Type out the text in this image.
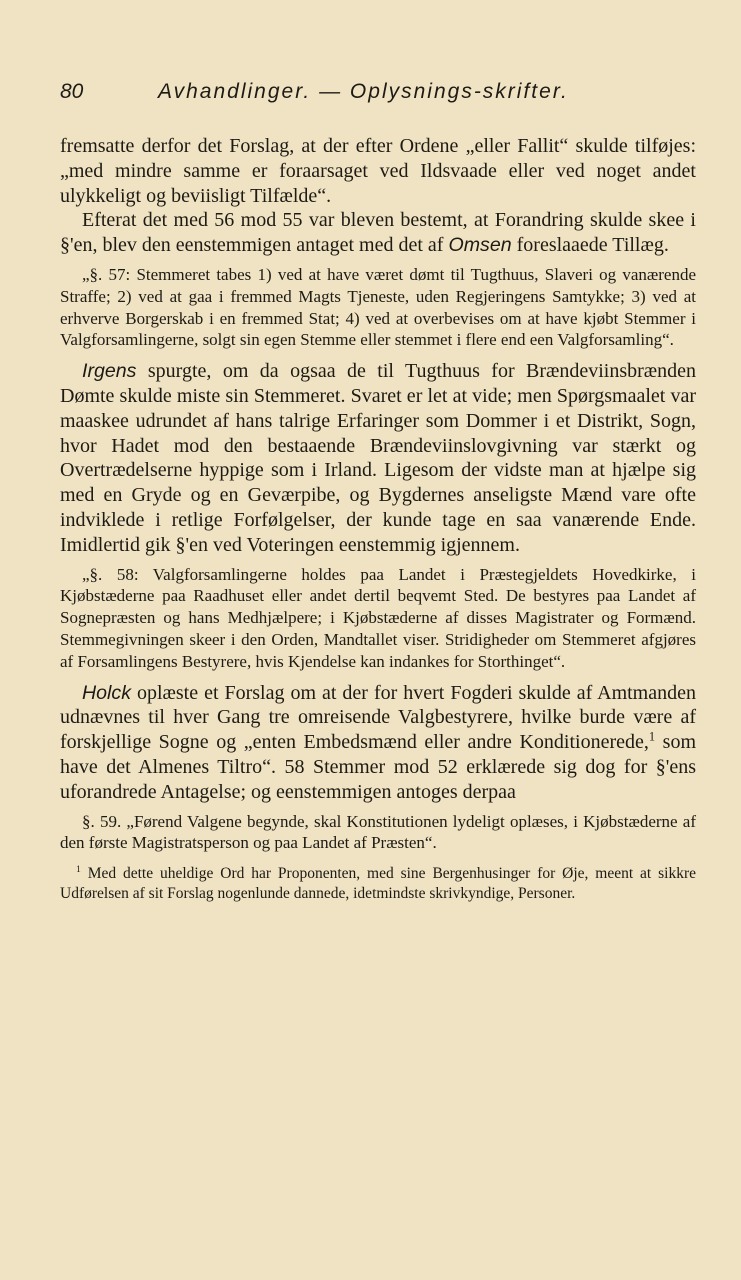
80	Avhandlinger. — Oplysnings-skrifter.

fremsatte derfor det Forslag, at der efter Ordene „eller Fallit“ skulde tilføjes: „med mindre samme er foraarsaget ved Ildsvaade eller ved noget andet ulykkeligt og beviisligt Tilfælde“.

Efterat det med 56 mod 55 var bleven bestemt, at Forandring skulde skee i §'en, blev den eenstemmigen antaget med det af Omsen foreslaaede Tillæg.

„§. 57: Stemmeret tabes 1) ved at have været dømt til Tugthuus, Slaveri og vanærende Straffe; 2) ved at gaa i fremmed Magts Tjeneste, uden Regjeringens Samtykke; 3) ved at erhverve Borgerskab i en fremmed Stat; 4) ved at overbevises om at have kjøbt Stemmer i Valgforsamlingerne, solgt sin egen Stemme eller stemmet i flere end een Valgforsamling“.

Irgens spurgte, om da ogsaa de til Tugthuus for Brændeviinsbrænden Dømte skulde miste sin Stemmeret. Svaret er let at vide; men Spørgsmaalet var maaskee udrundet af hans talrige Erfaringer som Dommer i et Distrikt, Sogn, hvor Hadet mod den bestaaende Brændeviinslovgivning var stærkt og Overtrædelserne hyppige som i Irland. Ligesom der vidste man at hjælpe sig med en Gryde og en Geværpibe, og Bygdernes anseligste Mænd vare ofte indviklede i retlige Forfølgelser, der kunde tage en saa vanærende Ende. Imidlertid gik §'en ved Voteringen eenstemmig igjennem.

„§. 58: Valgforsamlingerne holdes paa Landet i Præstegjeldets Hovedkirke, i Kjøbstæderne paa Raadhuset eller andet dertil beqvemt Sted. De bestyres paa Landet af Sognepræsten og hans Medhjælpere; i Kjøbstæderne af disses Magistrater og Formænd. Stemmegivningen skeer i den Orden, Mandtallet viser. Stridigheder om Stemmeret afgjøres af Forsamlingens Bestyrere, hvis Kjendelse kan indankes for Storthinget“.

Holck oplæste et Forslag om at der for hvert Fogderi skulde af Amtmanden udnævnes til hver Gang tre omreisende Valgbestyrere, hvilke burde være af forskjellige Sogne og „enten Embedsmænd eller andre Konditionerede,$^1$ som have det Almenes Tiltro“. 58 Stemmer mod 52 erklærede sig dog for §'ens uforandrede Antagelse; og eenstemmigen antoges derpaa

§. 59. „Førend Valgene begynde, skal Konstitutionen lydeligt oplæses, i Kjøbstæderne af den første Magistratsperson og paa Landet af Præsten“.

$^1$ Med dette uheldige Ord har Proponenten, med sine Bergenhusinger for Øje, meent at sikkre Udførelsen af sit Forslag nogenlunde dannede, idetmindste skrivkyndige, Personer.
